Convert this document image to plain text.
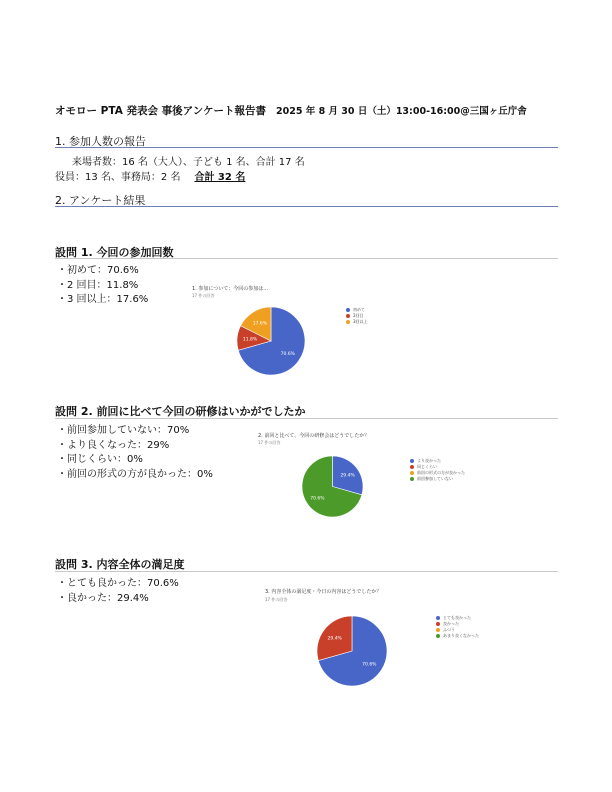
オモロー PTA 発表会 事後アンケート報告書 2025 年 8 月 30 日（土）13:00-16:00@三国ヶ丘庁舎
1. 参加人数の報告
来場者数：16 名（大人）、子ども 1 名、合計 17 名
役員：13 名、事務局：2 名 合計 32 名
2. アンケート結果
設問 1. 今回の参加回数
・初めて：70.6%
・2 回目：11.8%
・3 回以上：17.6%
1. 参加について：今回の参加は...
17 件の回答
70.6%
11.8%
17.6%
初めて
2回目
3回以上
設問 2. 前回に比べて今回の研修はいかがでしたか
・前回参加していない：70%
・より良くなった：29%
・同じくらい：0%
・前回の形式の方が良かった：0%
2. 前回と比べて、今回の研修会はどうでしたか？
17 件の回答
29.4%
70.6%
より良かった
同じくらい
前回の形式の方が良かった
前回参加していない
設問 3. 内容全体の満足度
・とても良かった：70.6%
・良かった：29.4%
3. 内容全体の満足度・今日の内容はどうでしたか？
17 件の回答
70.6%
29.4%
とても良かった
良かった
ふつう
あまり良くなかった
